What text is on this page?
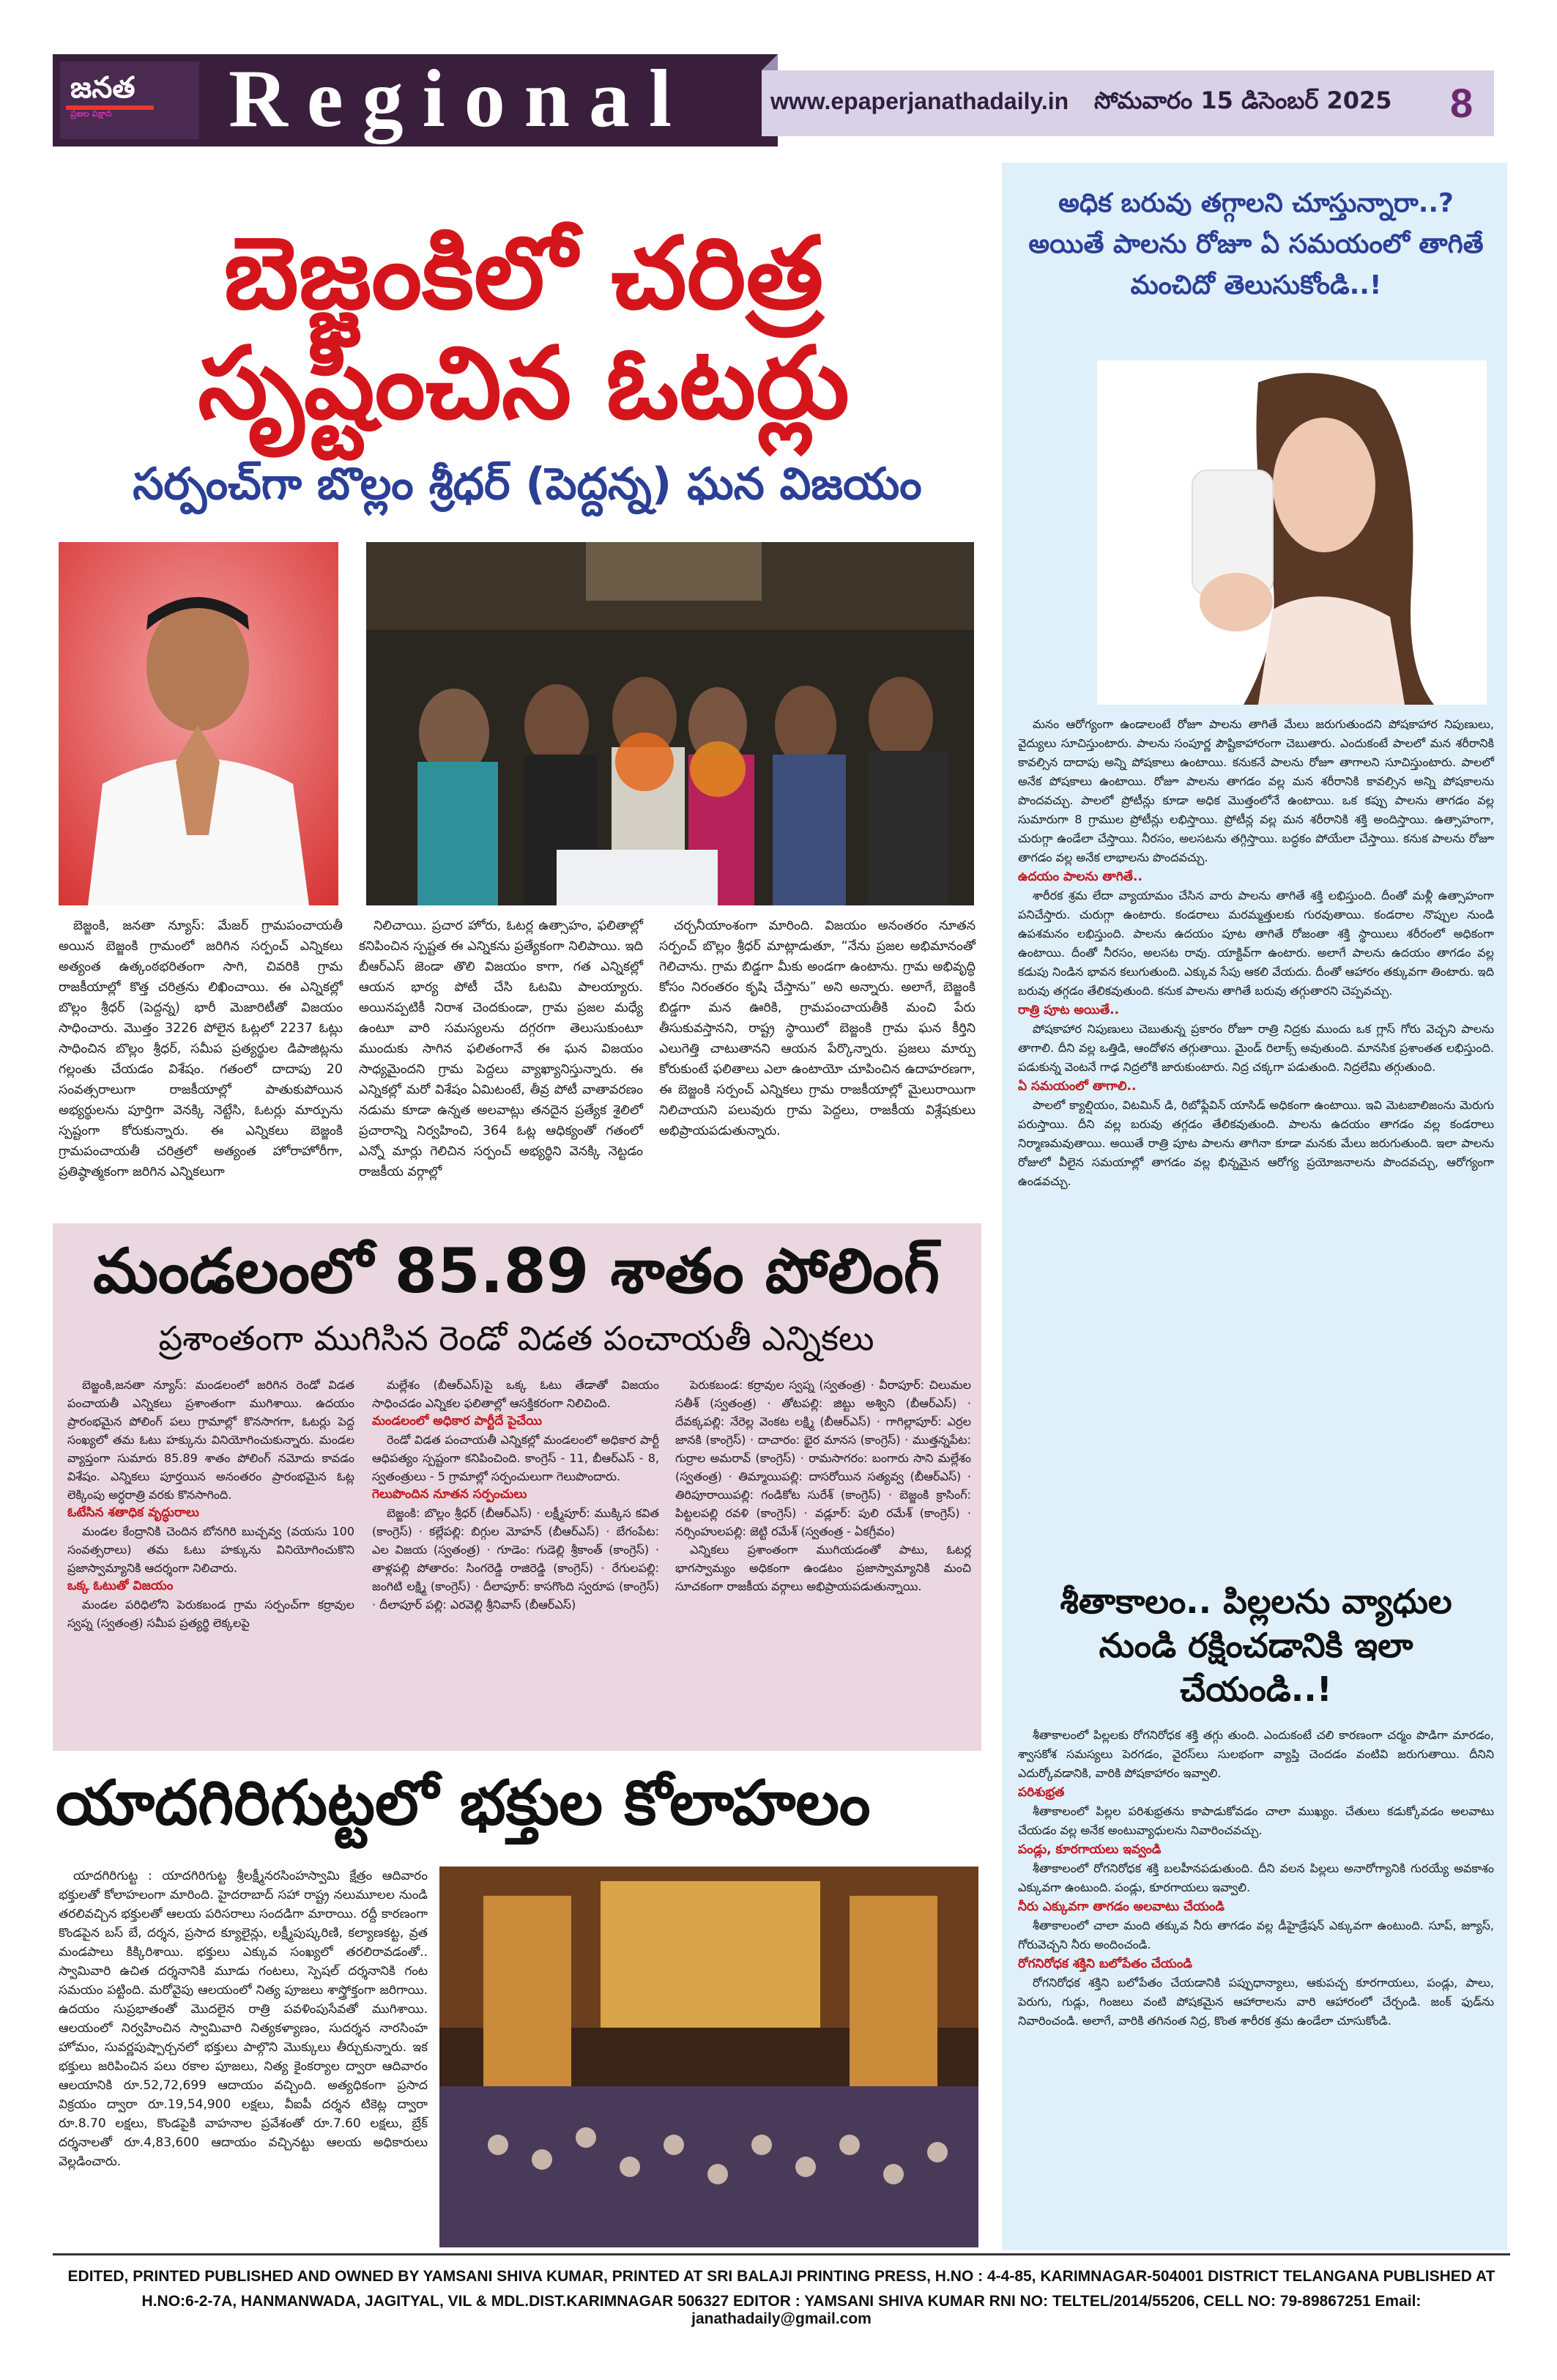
జనత
ప్రజల పక్షాన Regional	www.epaperjanathadaily.in సోమవారం 15 డిసెంబర్ 2025 8
బెజ్జంకిలో చరిత్ర
సృష్టించిన ఓటర్లు
సర్పంచ్‌గా బొల్లం శ్రీధర్ (పెద్దన్న) ఘన విజయం

బెజ్జంకి, జనతా న్యూస్: మేజర్ గ్రామపంచాయతీ అయిన బెజ్జంకి గ్రామంలో జరిగిన సర్పంచ్ ఎన్నికలు అత్యంత ఉత్కంఠభరితంగా సాగి, చివరికి గ్రామ రాజకీయాల్లో కొత్త చరిత్రను లిఖించాయి. ఈ ఎన్నికల్లో బొల్లం శ్రీధర్ (పెద్దన్న) భారీ మెజారిటీతో విజయం సాధించారు. మొత్తం 3226 పోలైన ఓట్లలో 2237 ఓట్లు సాధించిన బొల్లం శ్రీధర్, సమీప ప్రత్యర్థుల డిపాజిట్లను గల్లంతు చేయడం విశేషం. గతంలో దాదాపు 20 సంవత్సరాలుగా రాజకీయాల్లో పాతుకుపోయిన అభ్యర్థులను పూర్తిగా వెనక్కి నెట్టేసి, ఓటర్లు మార్పును స్పష్టంగా కోరుకున్నారు. ఈ ఎన్నికలు బెజ్జంకి గ్రామపంచాయతీ చరిత్రలో అత్యంత హోరాహోరీగా, ప్రతిష్ఠాత్మకంగా జరిగిన ఎన్నికలుగా

నిలిచాయి. ప్రచార హోరు, ఓటర్ల ఉత్సాహం, ఫలితాల్లో కనిపించిన స్పష్టత ఈ ఎన్నికను ప్రత్యేకంగా నిలిపాయి. ఇది బీఆర్ఎస్ జెండా తొలి విజయం కాగా, గత ఎన్నికల్లో ఆయన భార్య పోటీ చేసి ఓటమి పాలయ్యారు. అయినప్పటికీ నిరాశ చెందకుండా, గ్రామ ప్రజల మధ్యే ఉంటూ వారి సమస్యలను దగ్గరగా తెలుసుకుంటూ ముందుకు సాగిన ఫలితంగానే ఈ ఘన విజయం సాధ్యమైందని గ్రామ పెద్దలు వ్యాఖ్యానిస్తున్నారు. ఈ ఎన్నికల్లో మరో విశేషం ఏమిటంటే, తీవ్ర పోటీ వాతావరణం నడుమ కూడా ఉన్నత అలవాట్లు తనదైన ప్రత్యేక శైలిలో ప్రచారాన్ని నిర్వహించి, 364 ఓట్ల ఆధిక్యంతో గతంలో ఎన్నో మార్లు గెలిచిన సర్పంచ్ అభ్యర్థిని వెనక్కి నెట్టడం రాజకీయ వర్గాల్లో

చర్చనీయాంశంగా మారింది. విజయం అనంతరం నూతన సర్పంచ్ బొల్లం శ్రీధర్ మాట్లాడుతూ, “నేను ప్రజల అభిమానంతో గెలిచాను. గ్రామ బిడ్డగా మీకు అండగా ఉంటాను. గ్రామ అభివృద్ధి కోసం నిరంతరం కృషి చేస్తాను” అని అన్నారు. అలాగే, బెజ్జంకి బిడ్డగా మన ఊరికి, గ్రామపంచాయతీకి మంచి పేరు తీసుకువస్తానని, రాష్ట్ర స్థాయిలో బెజ్జంకి గ్రామ ఘన కీర్తిని ఎలుగెత్తి చాటుతానని ఆయన పేర్కొన్నారు. ప్రజలు మార్పు కోరుకుంటే ఫలితాలు ఎలా ఉంటాయో చూపించిన ఉదాహరణగా, ఈ బెజ్జంకి సర్పంచ్ ఎన్నికలు గ్రామ రాజకీయాల్లో మైలురాయిగా నిలిచాయని పలువురు గ్రామ పెద్దలు, రాజకీయ విశ్లేషకులు అభిప్రాయపడుతున్నారు.

మండలంలో 85.89 శాతం పోలింగ్
ప్రశాంతంగా ముగిసిన రెండో విడత పంచాయతీ ఎన్నికలు

బెజ్జంకి,జనతా న్యూస్: మండలంలో జరిగిన రెండో విడత పంచాయతీ ఎన్నికలు ప్రశాంతంగా ముగిశాయి. ఉదయం ప్రారంభమైన పోలింగ్ పలు గ్రామాల్లో కొనసాగగా, ఓటర్లు పెద్ద సంఖ్యలో తమ ఓటు హక్కును వినియోగించుకున్నారు. మండల వ్యాప్తంగా సుమారు 85.89 శాతం పోలింగ్ నమోదు కావడం విశేషం. ఎన్నికలు పూర్తయిన అనంతరం ప్రారంభమైన ఓట్ల లెక్కింపు అర్ధరాత్రి వరకు కొనసాగింది.

ఓటేసిన శతాధిక వృద్ధురాలు

మండల కేంద్రానికి చెందిన బోనగిరి బుచ్చవ్వ (వయసు 100 సంవత్సరాలు) తమ ఓటు హక్కును వినియోగించుకొని ప్రజాస్వామ్యానికి ఆదర్శంగా నిలిచారు.

ఒక్క ఓటుతో విజయం

మండల పరిధిలోని పెరుకబండ గ్రామ సర్పంచ్‌గా కర్రావుల స్వప్న (స్వతంత్ర) సమీప ప్రత్యర్థి లెక్కలపై

మల్లేశం (బీఆర్ఎస్)పై ఒక్క ఓటు తేడాతో విజయం సాధించడం ఎన్నికల ఫలితాల్లో ఆసక్తికరంగా నిలిచింది.

మండలంలో అధికార పార్టీదే పైచేయి

రెండో విడత పంచాయతీ ఎన్నికల్లో మండలంలో అధికార పార్టీ ఆధిపత్యం స్పష్టంగా కనిపించింది. కాంగ్రెస్ - 11, బీఆర్ఎస్ - 8, స్వతంత్రులు - 5 గ్రామాల్లో సర్పంచులుగా గెలుపొందారు.

గెలుపొందిన నూతన సర్పంచులు

బెజ్జంకి: బొల్లం శ్రీధర్ (బీఆర్ఎస్) · లక్ష్మీపూర్: ముక్కిస కవిత (కాంగ్రెస్) · కల్లేపల్లి: బిగ్గుల మోహన్ (బీఆర్ఎస్) · బేగంపేట: ఎల విజయ (స్వతంత్ర) · గూడెం: గుడెల్లి శ్రీకాంత్ (కాంగ్రెస్) · తాళ్లపల్లి పోతారం: సింగరెడ్డి రాజిరెడ్డి (కాంగ్రెస్) · రేగులపల్లి: జంగిటి లక్ష్మి (కాంగ్రెస్) · దీలాపూర్: కాసగొంది స్వరూప (కాంగ్రెస్) · దీలాపూర్ పల్లి: ఎరవెల్లి శ్రీనివాస్ (బీఆర్ఎస్)

పెరుకబండ: కర్రావుల స్వప్న (స్వతంత్ర) · వీరాపూర్: చిలుమల సతీశ్ (స్వతంత్ర) · తోటపల్లి: జిట్టు అశ్విని (బీఆర్ఎస్) · దేవక్కపల్లి: నేరెల్ల వెంకట లక్ష్మి (బీఆర్ఎస్) · గాగిల్లాపూర్: ఎర్రల జానకి (కాంగ్రెస్) · దాచారం: భైర మానస (కాంగ్రెస్) · ముత్తన్నపేట: గుర్రాల అమరావ్ (కాంగ్రెస్) · రామసాగరం: బంగారు సాని మల్లేశం (స్వతంత్ర) · తిమ్మాయిపల్లి: దాసరోయిన సత్యవ్వ (బీఆర్ఎస్) · తిరిపూరాయిపల్లి: గండికోట సురేశ్ (కాంగ్రెస్) · బెజ్జంకి క్రాసింగ్: పిట్టలపల్లి రవళి (కాంగ్రెస్) · వడ్లూర్: పులి రమేశ్ (కాంగ్రెస్) · నర్సింహులపల్లి: జెట్టి రమేశ్ (స్వతంత్ర - ఏకగ్రీవం)

ఎన్నికలు ప్రశాంతంగా ముగియడంతో పాటు, ఓటర్ల భాగస్వామ్యం అధికంగా ఉండటం ప్రజాస్వామ్యానికి మంచి సూచకంగా రాజకీయ వర్గాలు అభిప్రాయపడుతున్నాయి.

యాదగిరిగుట్టలో భక్తుల కోలాహలం

యాదగిరిగుట్ట : యాదగిరిగుట్ట శ్రీలక్ష్మీనరసింహస్వామి క్షేత్రం ఆదివారం భక్తులతో కోలాహలంగా మారింది. హైదరాబాద్ సహా రాష్ట్ర నలుమూలల నుండి తరలివచ్చిన భక్తులతో ఆలయ పరిసరాలు సందడిగా మారాయి. రద్దీ కారణంగా కొండపైన బస్ బే, దర్శన, ప్రసాద క్యూలైన్లు, లక్ష్మీపుష్కరిణి, కల్యాణకట్ట, వ్రత మండపాలు కిక్కిరిశాయి. భక్తులు ఎక్కువ సంఖ్యలో తరలిరావడంతో.. స్వామివారి ఉచిత దర్శనానికి మూడు గంటలు, స్పెషల్ దర్శనానికి గంట సమయం పట్టింది. మరోవైపు ఆలయంలో నిత్య పూజలు శాస్త్రోక్తంగా జరిగాయి. ఉదయం సుప్రభాతంతో మొదలైన రాత్రి పవళింపుసేవతో ముగిశాయి. ఆలయంలో నిర్వహించిన స్వామివారి నిత్యకళ్యాణం, సుదర్శన నారసింహ హోమం, సువర్ణపుష్పార్చనలో భక్తులు పాల్గొని మొక్కులు తీర్చుకున్నారు. ఇక భక్తులు జరిపించిన పలు రకాల పూజలు, నిత్య కైంకర్యాల ద్వారా ఆదివారం ఆలయానికి రూ.52,72,699 ఆదాయం వచ్చింది. అత్యధికంగా ప్రసాద విక్రయం ద్వారా రూ.19,54,900 లక్షలు, వీఐపీ దర్శన టికెట్ల ద్వారా రూ.8.70 లక్షలు, కొండపైకి వాహనాల ప్రవేశంతో రూ.7.60 లక్షలు, బ్రేక్ దర్శనాలతో రూ.4,83,600 ఆదాయం వచ్చినట్టు ఆలయ అధికారులు వెల్లడించారు.

అధిక బరువు తగ్గాలని చూస్తున్నారా..? అయితే పాలను రోజూ ఏ సమయంలో తాగితే మంచిదో తెలుసుకోండి..!

మనం ఆరోగ్యంగా ఉండాలంటే రోజూ పాలను తాగితే మేలు జరుగుతుందని పోషకాహార నిపుణులు, వైద్యులు సూచిస్తుంటారు. పాలను సంపూర్ణ పౌష్టికాహారంగా చెబుతారు. ఎందుకంటే పాలలో మన శరీరానికి కావల్సిన దాదాపు అన్ని పోషకాలు ఉంటాయి. కనుకనే పాలను రోజూ తాగాలని సూచిస్తుంటారు. పాలలో అనేక పోషకాలు ఉంటాయి. రోజూ పాలను తాగడం వల్ల మన శరీరానికి కావల్సిన అన్ని పోషకాలను పొందవచ్చు. పాలలో ప్రోటీన్లు కూడా అధిక మొత్తంలోనే ఉంటాయి. ఒక కప్పు పాలను తాగడం వల్ల సుమారుగా 8 గ్రాముల ప్రోటీన్లు లభిస్తాయి. ప్రోటీన్ల వల్ల మన శరీరానికి శక్తి అందిస్తాయి. ఉత్సాహంగా, చురుగ్గా ఉండేలా చేస్తాయి. నీరసం, అలసటను తగ్గిస్తాయి. బద్ధకం పోయేలా చేస్తాయి. కనుక పాలను రోజూ తాగడం వల్ల అనేక లాభాలను పొందవచ్చు.

ఉదయం పాలను తాగితే..

శారీరక శ్రమ లేదా వ్యాయామం చేసిన వారు పాలను తాగితే శక్తి లభిస్తుంది. దీంతో మళ్లీ ఉత్సాహంగా పనిచేస్తారు. చురుగ్గా ఉంటారు. కండరాలు మరమ్మత్తులకు గురవుతాయి. కండరాల నొప్పుల నుండి ఉపశమనం లభిస్తుంది. పాలను ఉదయం పూట తాగితే రోజంతా శక్తి స్థాయిలు శరీరంలో అధికంగా ఉంటాయి. దీంతో నీరసం, అలసట రావు. యాక్టివ్‌గా ఉంటారు. అలాగే పాలను ఉదయం తాగడం వల్ల కడుపు నిండిన భావన కలుగుతుంది. ఎక్కువ సేపు ఆకలి వేయదు. దీంతో ఆహారం తక్కువగా తింటారు. ఇది బరువు తగ్గడం తేలికవుతుంది. కనుక పాలను తాగితే బరువు తగ్గుతారని చెప్పవచ్చు.

రాత్రి పూట అయితే..

పోషకాహార నిపుణులు చెబుతున్న ప్రకారం రోజూ రాత్రి నిద్రకు ముందు ఒక గ్లాస్ గోరు వెచ్చని పాలను తాగాలి. దీని వల్ల ఒత్తిడి, ఆందోళన తగ్గుతాయి. మైండ్ రిలాక్స్ అవుతుంది. మానసిక ప్రశాంతత లభిస్తుంది. పడుకున్న వెంటనే గాఢ నిద్రలోకి జారుకుంటారు. నిద్ర చక్కగా పడుతుంది. నిద్రలేమి తగ్గుతుంది.

ఏ సమయంలో తాగాలి..

పాలలో క్యాల్షియం, విటమిన్ డి, రిబోఫ్లేవిన్ యాసిడ్ అధికంగా ఉంటాయి. ఇవి మెటబాలిజంను మెరుగు పరుస్తాయి. దీని వల్ల బరువు తగ్గడం తేలికవుతుంది. పాలను ఉదయం తాగడం వల్ల కండరాలు నిర్మాణమవుతాయి. అయితే రాత్రి పూట పాలను తాగినా కూడా మనకు మేలు జరుగుతుంది. ఇలా పాలను రోజులో వీలైన సమయాల్లో తాగడం వల్ల భిన్నమైన ఆరోగ్య ప్రయోజనాలను పొందవచ్చు, ఆరోగ్యంగా ఉండవచ్చు.

శీతాకాలం.. పిల్లలను వ్యాధుల నుండి రక్షించడానికి ఇలా చేయండి..!

శీతాకాలంలో పిల్లలకు రోగనిరోధక శక్తి తగ్గు తుంది. ఎందుకంటే చలి కారణంగా చర్మం పొడిగా మారడం, శ్వాసకోశ సమస్యలు పెరగడం, వైరస్‌లు సులభంగా వ్యాప్తి చెందడం వంటివి జరుగుతాయి. దీనిని ఎదుర్కోవడానికి, వారికి పోషకాహారం ఇవ్వాలి.

పరిశుభ్రత

శీతాకాలంలో పిల్లల పరిశుభ్రతను కాపాడుకోవడం చాలా ముఖ్యం. చేతులు కడుక్కోవడం అలవాటు చేయడం వల్ల అనేక అంటువ్యాధులను నివారించవచ్చు.

పండ్లు, కూరగాయలు ఇవ్వండి

శీతాకాలంలో రోగనిరోధక శక్తి బలహీనపడుతుంది. దీని వలన పిల్లలు అనారోగ్యానికి గురయ్యే అవకాశం ఎక్కువగా ఉంటుంది. పండ్లు, కూరగాయలు ఇవ్వాలి.

నీరు ఎక్కువగా తాగడం అలవాటు చేయండి

శీతాకాలంలో చాలా మంది తక్కువ నీరు తాగడం వల్ల డీహైడ్రేషన్ ఎక్కువగా ఉంటుంది. సూప్, జ్యూస్, గోరువెచ్చని నీరు అందించండి.

రోగనిరోధక శక్తిని బలోపేతం చేయండి

రోగనిరోధక శక్తిని బలోపేతం చేయడానికి పప్పుధాన్యాలు, ఆకుపచ్చ కూరగాయలు, పండ్లు, పాలు, పెరుగు, గుడ్లు, గింజలు వంటి పోషకమైన ఆహారాలను వారి ఆహారంలో చేర్చండి. జంక్ ఫుడ్‌ను నివారించండి. అలాగే, వారికి తగినంత నిద్ర, కొంత శారీరక శ్రమ ఉండేలా చూసుకోండి.

EDITED, PRINTED PUBLISHED AND OWNED BY YAMSANI SHIVA KUMAR, PRINTED AT SRI BALAJI PRINTING PRESS, H.NO : 4-4-85, KARIMNAGAR-504001 DISTRICT TELANGANA PUBLISHED AT
H.NO:6-2-7A, HANMANWADA, JAGITYAL, VIL & MDL.DIST.KARIMNAGAR 506327 EDITOR : YAMSANI SHIVA KUMAR RNI NO: TELTEL/2014/55206, CELL NO: 79-89867251 Email: janathadaily@gmail.com
